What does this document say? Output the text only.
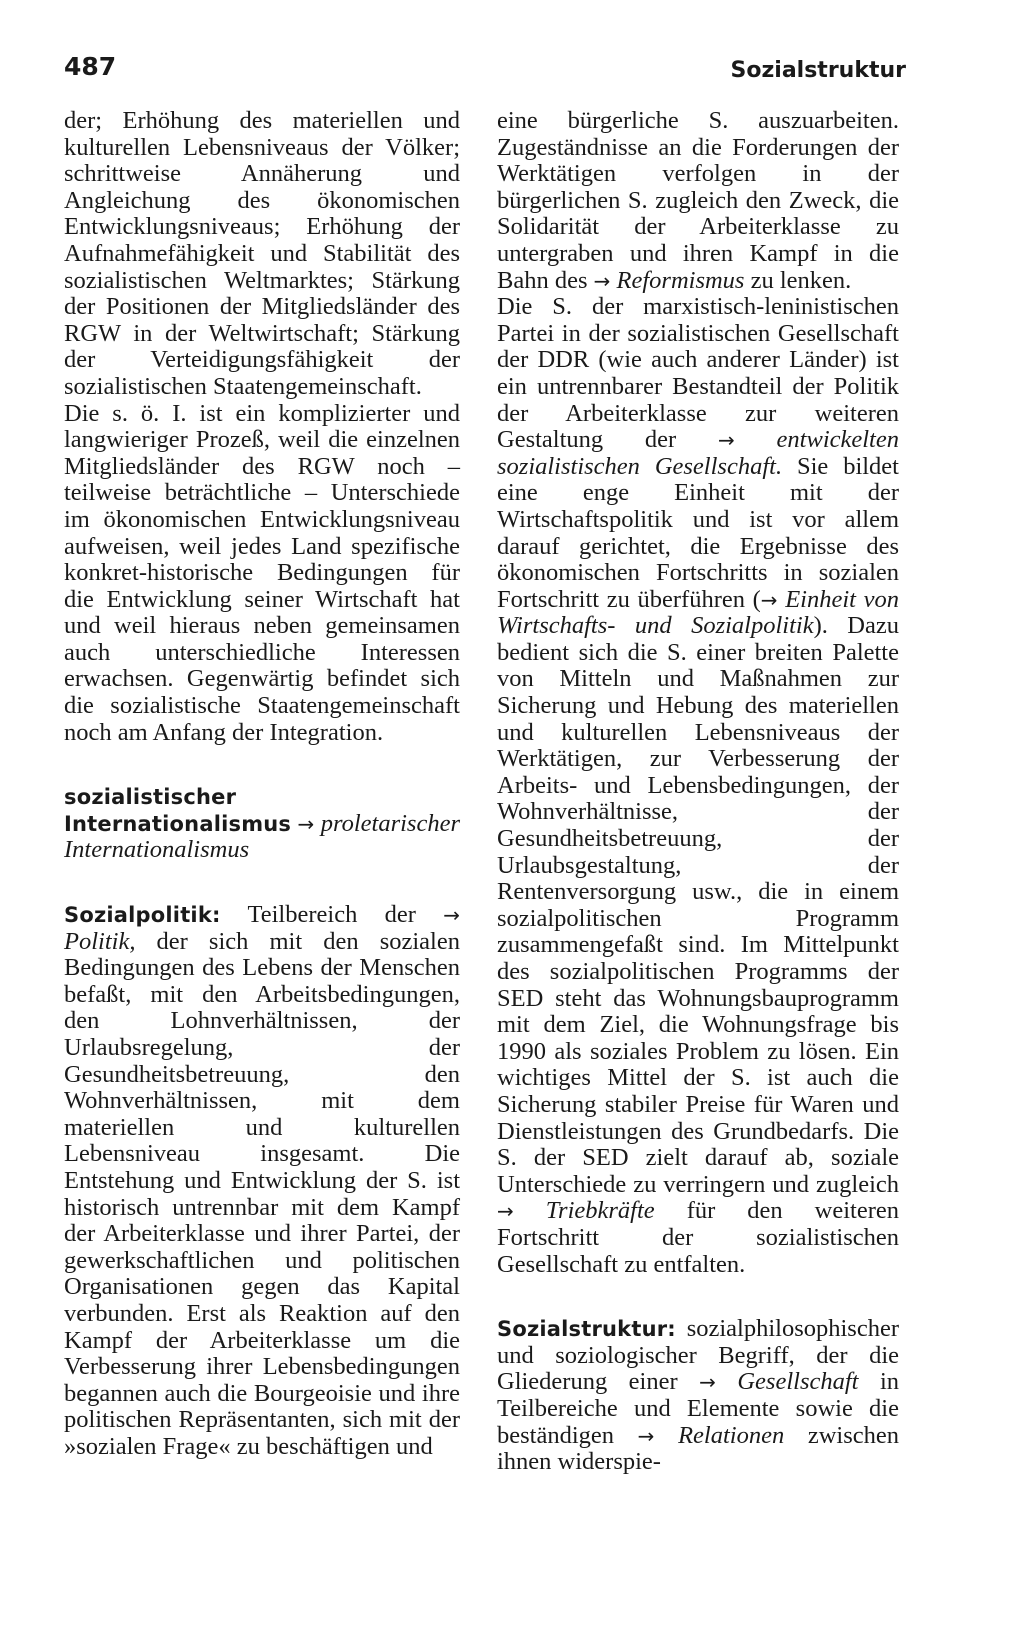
487	Sozialstruktur

der; Erhöhung des materiellen und kulturellen Lebensniveaus der Völker; schrittweise Annäherung und Angleichung des ökonomischen Entwicklungsniveaus; Erhöhung der Aufnahmefähigkeit und Stabilität des sozialistischen Weltmarktes; Stärkung der Positionen der Mitgliedsländer des RGW in der Weltwirtschaft; Stärkung der Verteidigungsfähigkeit der sozialistischen Staatengemeinschaft.

Die s. ö. I. ist ein komplizierter und langwieriger Prozeß, weil die einzelnen Mitgliedsländer des RGW noch – teilweise beträchtliche – Unterschiede im ökonomischen Entwicklungsniveau aufweisen, weil jedes Land spezifische konkret-historische Bedingungen für die Entwicklung seiner Wirtschaft hat und weil hieraus neben gemeinsamen auch unterschiedliche Interessen erwachsen. Gegenwärtig befindet sich die sozialistische Staatengemeinschaft noch am Anfang der Integration.

sozialistischer Internationalismus → proletarischer Internationalismus

Sozialpolitik: Teilbereich der → Politik, der sich mit den sozialen Bedingungen des Lebens der Menschen befaßt, mit den Arbeitsbedingungen, den Lohnverhältnissen, der Urlaubsregelung, der Gesundheitsbetreuung, den Wohnverhältnissen, mit dem materiellen und kulturellen Lebensniveau insgesamt. Die Entstehung und Entwicklung der S. ist historisch untrennbar mit dem Kampf der Arbeiterklasse und ihrer Partei, der gewerkschaftlichen und politischen Organisationen gegen das Kapital verbunden. Erst als Reaktion auf den Kampf der Arbeiterklasse um die Verbesserung ihrer Lebensbedingungen begannen auch die Bourgeoisie und ihre politischen Repräsentanten, sich mit der »sozialen Frage« zu beschäftigen und

eine bürgerliche S. auszuarbeiten. Zugeständnisse an die Forderungen der Werktätigen verfolgen in der bürgerlichen S. zugleich den Zweck, die Solidarität der Arbeiterklasse zu untergraben und ihren Kampf in die Bahn des → Reformismus zu lenken.

Die S. der marxistisch-leninistischen Partei in der sozialistischen Gesellschaft der DDR (wie auch anderer Länder) ist ein untrennbarer Bestandteil der Politik der Arbeiterklasse zur weiteren Gestaltung der → entwickelten sozialistischen Gesellschaft. Sie bildet eine enge Einheit mit der Wirtschaftspolitik und ist vor allem darauf gerichtet, die Ergebnisse des ökonomischen Fortschritts in sozialen Fortschritt zu überführen (→ Einheit von Wirtschafts- und Sozialpolitik). Dazu bedient sich die S. einer breiten Palette von Mitteln und Maßnahmen zur Sicherung und Hebung des materiellen und kulturellen Lebensniveaus der Werktätigen, zur Verbesserung der Arbeits- und Lebensbedingungen, der Wohnverhältnisse, der Gesundheitsbetreuung, der Urlaubsgestaltung, der Rentenversorgung usw., die in einem sozialpolitischen Programm zusammengefaßt sind. Im Mittelpunkt des sozialpolitischen Programms der SED steht das Wohnungsbauprogramm mit dem Ziel, die Wohnungsfrage bis 1990 als soziales Problem zu lösen. Ein wichtiges Mittel der S. ist auch die Sicherung stabiler Preise für Waren und Dienstleistungen des Grundbedarfs. Die S. der SED zielt darauf ab, soziale Unterschiede zu verringern und zugleich → Triebkräfte für den weiteren Fortschritt der sozialistischen Gesellschaft zu entfalten.

Sozialstruktur: sozialphilosophischer und soziologischer Begriff, der die Gliederung einer → Gesellschaft in Teilbereiche und Elemente sowie die beständigen → Relationen zwischen ihnen widerspie-
